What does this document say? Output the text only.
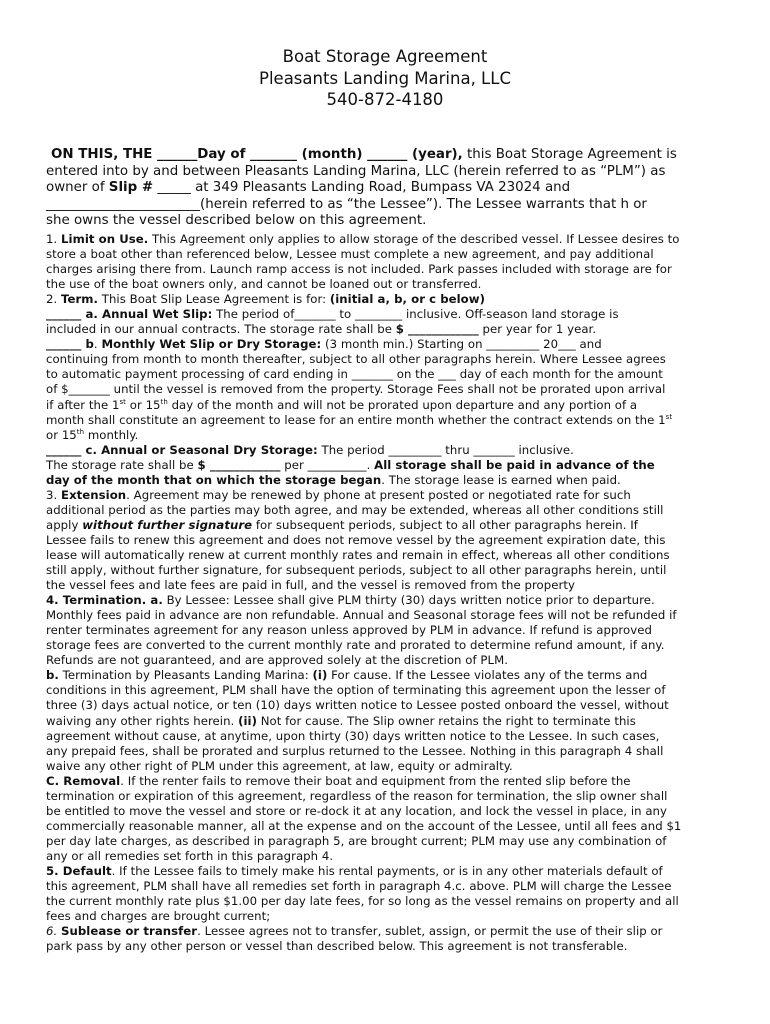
Boat Storage Agreement
Pleasants Landing Marina, LLC
540-872-4180
ON THIS, THE ______Day of _______ (month) ______ (year), this Boat Storage Agreement is
entered into by and between Pleasants Landing Marina, LLC (herein referred to as “PLM”) as
owner of Slip # _____ at 349 Pleasants Landing Road, Bumpass VA 23024 and
_______________________(herein referred to as “the Lessee”). The Lessee warrants that h or
she owns the vessel described below on this agreement.
1. Limit on Use. This Agreement only applies to allow storage of the described vessel. If Lessee desires to
store a boat other than referenced below, Lessee must complete a new agreement, and pay additional
charges arising there from. Launch ramp access is not included. Park passes included with storage are for
the use of the boat owners only, and cannot be loaned out or transferred.
2. Term. This Boat Slip Lease Agreement is for: (initial a, b, or c below)
______ a. Annual Wet Slip: The period of_______ to ________ inclusive. Off-season land storage is
included in our annual contracts. The storage rate shall be $ ____________ per year for 1 year.
______ b. Monthly Wet Slip or Dry Storage: (3 month min.) Starting on _________ 20___ and
continuing from month to month thereafter, subject to all other paragraphs herein. Where Lessee agrees
to automatic payment processing of card ending in _______ on the ___ day of each month for the amount
of $_______ until the vessel is removed from the property. Storage Fees shall not be prorated upon arrival
if after the 1st or 15th day of the month and will not be prorated upon departure and any portion of a
month shall constitute an agreement to lease for an entire month whether the contract extends on the 1st
or 15th monthly.
______ c. Annual or Seasonal Dry Storage: The period _________ thru _______ inclusive.
The storage rate shall be $ ____________ per __________. All storage shall be paid in advance of the
day of the month that on which the storage began. The storage lease is earned when paid.
3. Extension. Agreement may be renewed by phone at present posted or negotiated rate for such
additional period as the parties may both agree, and may be extended, whereas all other conditions still
apply without further signature for subsequent periods, subject to all other paragraphs herein. If
Lessee fails to renew this agreement and does not remove vessel by the agreement expiration date, this
lease will automatically renew at current monthly rates and remain in effect, whereas all other conditions
still apply, without further signature, for subsequent periods, subject to all other paragraphs herein, until
the vessel fees and late fees are paid in full, and the vessel is removed from the property
4. Termination. a. By Lessee: Lessee shall give PLM thirty (30) days written notice prior to departure.
Monthly fees paid in advance are non refundable. Annual and Seasonal storage fees will not be refunded if
renter terminates agreement for any reason unless approved by PLM in advance. If refund is approved
storage fees are converted to the current monthly rate and prorated to determine refund amount, if any.
Refunds are not guaranteed, and are approved solely at the discretion of PLM.
b. Termination by Pleasants Landing Marina: (i) For cause. If the Lessee violates any of the terms and
conditions in this agreement, PLM shall have the option of terminating this agreement upon the lesser of
three (3) days actual notice, or ten (10) days written notice to Lessee posted onboard the vessel, without
waiving any other rights herein. (ii) Not for cause. The Slip owner retains the right to terminate this
agreement without cause, at anytime, upon thirty (30) days written notice to the Lessee. In such cases,
any prepaid fees, shall be prorated and surplus returned to the Lessee. Nothing in this paragraph 4 shall
waive any other right of PLM under this agreement, at law, equity or admiralty.
C. Removal. If the renter fails to remove their boat and equipment from the rented slip before the
termination or expiration of this agreement, regardless of the reason for termination, the slip owner shall
be entitled to move the vessel and store or re-dock it at any location, and lock the vessel in place, in any
commercially reasonable manner, all at the expense and on the account of the Lessee, until all fees and $1
per day late charges, as described in paragraph 5, are brought current; PLM may use any combination of
any or all remedies set forth in this paragraph 4.
5. Default. If the Lessee fails to timely make his rental payments, or is in any other materials default of
this agreement, PLM shall have all remedies set forth in paragraph 4.c. above. PLM will charge the Lessee
the current monthly rate plus $1.00 per day late fees, for so long as the vessel remains on property and all
fees and charges are brought current;
6. Sublease or transfer. Lessee agrees not to transfer, sublet, assign, or permit the use of their slip or
park pass by any other person or vessel than described below. This agreement is not transferable.
